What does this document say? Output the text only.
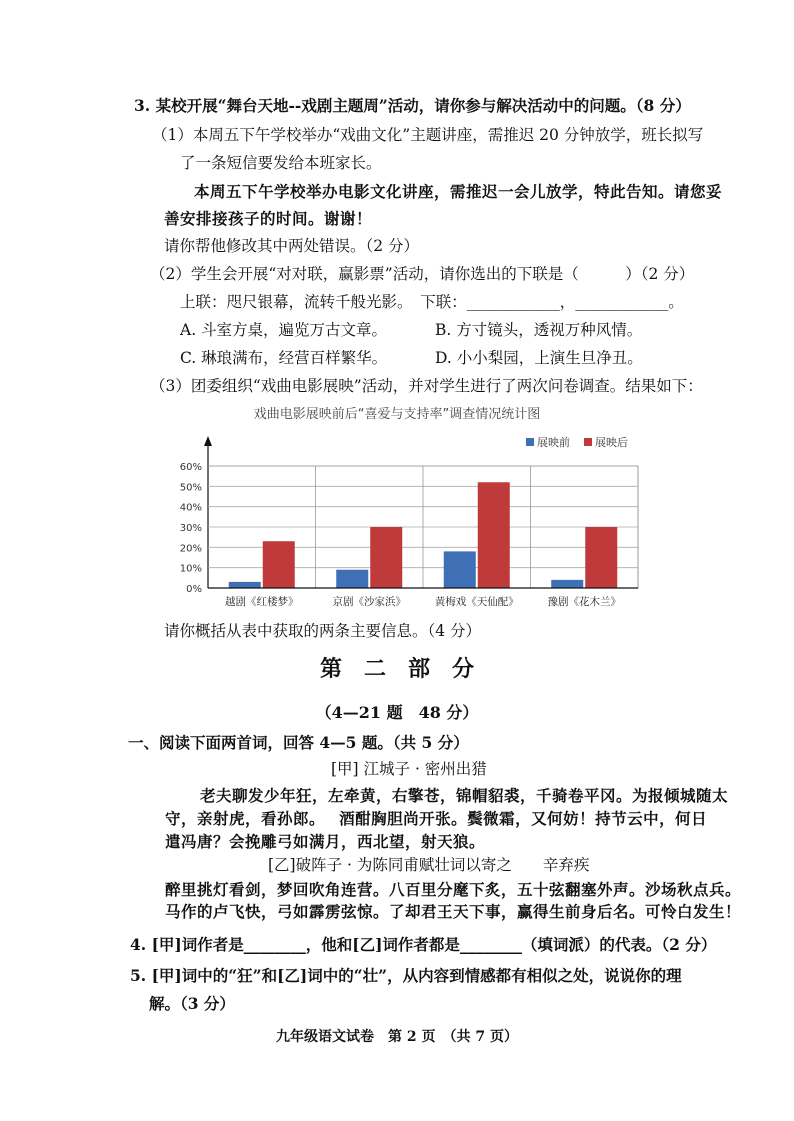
3. 某校开展“舞台天地--戏剧主题周”活动，请你参与解决活动中的问题。（8 分）
（1）本周五下午学校举办“戏曲文化”主题讲座，需推迟 20 分钟放学，班长拟写
了一条短信要发给本班家长。
本周五下午学校举办电影文化讲座，需推迟一会儿放学，特此告知。请您妥
善安排接孩子的时间。谢谢！
请你帮他修改其中两处错误。（2 分）
（2）学生会开展“对对联，赢影票”活动，请你选出的下联是（　　　）（2 分）
上联：咫尺银幕，流转千般光影。　下联：____________，____________。
A. 斗室方桌，遍览万古文章。	B. 方寸镜头，透视万种风情。
C. 琳琅满布，经营百样繁华。	D. 小小梨园，上演生旦净丑。
（3）团委组织“戏曲电影展映”活动，并对学生进行了两次问卷调查。结果如下：
戏曲电影展映前后“喜爱与支持率”调查情况统计图
0%
10%
20%
30%
40%
50%
60%
越剧《红楼梦》	京剧《沙家浜》	黄梅戏《天仙配》	豫剧《花木兰》
展映前 展映后
请你概括从表中获取的两条主要信息。（4 分）
第　二　部　分
（4—21 题　48 分）
一、阅读下面两首词，回答 4—5 题。（共 5 分）
[甲] 江城子 · 密州出猎
老夫聊发少年狂，左牵黄，右擎苍，锦帽貂裘，千骑卷平冈。为报倾城随太
守，亲射虎，看孙郎。　 酒酣胸胆尚开张。鬓微霜，又何妨！持节云中，何日
遣冯唐？会挽雕弓如满月，西北望，射天狼。
[乙]破阵子 · 为陈同甫赋壮词以寄之　　辛弃疾
醉里挑灯看剑，梦回吹角连营。八百里分麾下炙，五十弦翻塞外声。沙场秋点兵。
马作的卢飞快，弓如霹雳弦惊。了却君王天下事，赢得生前身后名。可怜白发生！
4. [甲]词作者是________，他和[乙]词作者都是________（填词派）的代表。（2 分）
5. [甲]词中的“狂”和[乙]词中的“壮”，从内容到情感都有相似之处，说说你的理
解。（3 分）
九年级语文试卷　第 2 页　（共 7 页）
